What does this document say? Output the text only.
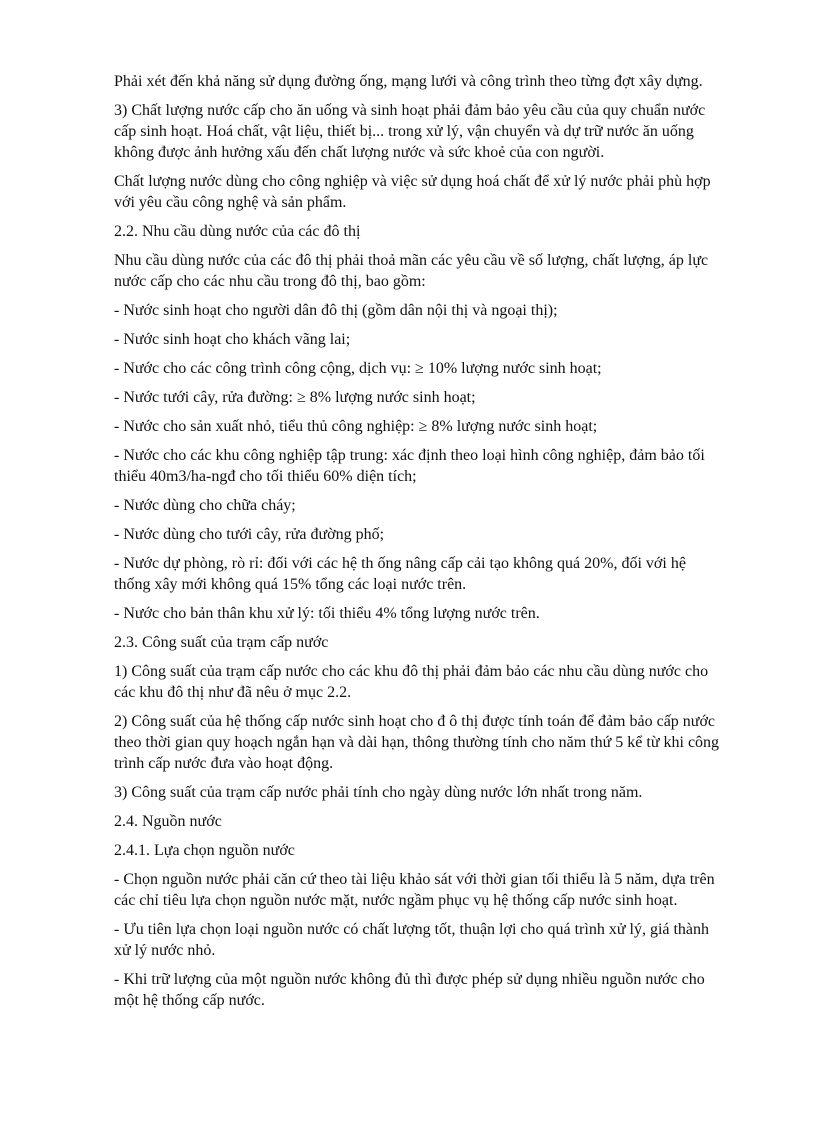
Phải xét đến khả năng sử dụng đường ống, mạng lưới và công trình theo từng đợt xây dựng.

3) Chất lượng nước cấp cho ăn uống và sinh hoạt phải đảm bảo yêu cầu của quy chuẩn nước cấp sinh hoạt. Hoá chất, vật liệu, thiết bị... trong xử lý, vận chuyển và dự trữ nước ăn uống không được ảnh hưởng xấu đến chất lượng nước và sức khoẻ của con người.

Chất lượng nước dùng cho công nghiệp và việc sử dụng hoá chất để xử lý nước phải phù hợp với yêu cầu công nghệ và sản phẩm.

2.2. Nhu cầu dùng nước của các đô thị

Nhu cầu dùng nước của các đô thị phải thoả mãn các yêu cầu về số lượng, chất lượng, áp lực nước cấp cho các nhu cầu trong đô thị, bao gồm:

- Nước sinh hoạt cho người dân đô thị (gồm dân nội thị và ngoại thị);

- Nước sinh hoạt cho khách vãng lai;

- Nước cho các công trình công cộng, dịch vụ: ≥ 10% lượng nước sinh hoạt;

- Nước tưới cây, rửa đường: ≥ 8% lượng nước sinh hoạt;

- Nước cho sản xuất nhỏ, tiểu thủ công nghiệp: ≥ 8% lượng nước sinh hoạt;

- Nước cho các khu công nghiệp tập trung: xác định theo loại hình công nghiệp, đảm bảo tối thiểu 40m3/ha-ngđ cho tối thiểu 60% diện tích;

- Nước dùng cho chữa cháy;

- Nước dùng cho tưới cây, rửa đường phố;

- Nước dự phòng, rò rỉ: đối với các hệ th ống nâng cấp cải tạo không quá 20%, đối với hệ thống xây mới không quá 15% tổng các loại nước trên.

- Nước cho bản thân khu xử lý: tối thiểu 4% tổng lượng nước trên.

2.3. Công suất của trạm cấp nước

1) Công suất của trạm cấp nước cho các khu đô thị phải đảm bảo các nhu cầu dùng nước cho các khu đô thị như đã nêu ở mục 2.2.

2) Công suất của hệ thống cấp nước sinh hoạt cho đ ô thị được tính toán để đảm bảo cấp nước theo thời gian quy hoạch ngắn hạn và dài hạn, thông thường tính cho năm thứ 5 kể từ khi công trình cấp nước đưa vào hoạt động.

3) Công suất của trạm cấp nước phải tính cho ngày dùng nước lớn nhất trong năm.

2.4. Nguồn nước

2.4.1. Lựa chọn nguồn nước

- Chọn nguồn nước phải căn cứ theo tài liệu khảo sát với thời gian tối thiểu là 5 năm, dựa trên các chỉ tiêu lựa chọn nguồn nước mặt, nước ngầm phục vụ hệ thống cấp nước sinh hoạt.

- Ưu tiên lựa chọn loại nguồn nước có chất lượng tốt, thuận lợi cho quá trình xử lý, giá thành xử lý nước nhỏ.

- Khi trữ lượng của một nguồn nước không đủ thì được phép sử dụng nhiều nguồn nước cho một hệ thống cấp nước.
